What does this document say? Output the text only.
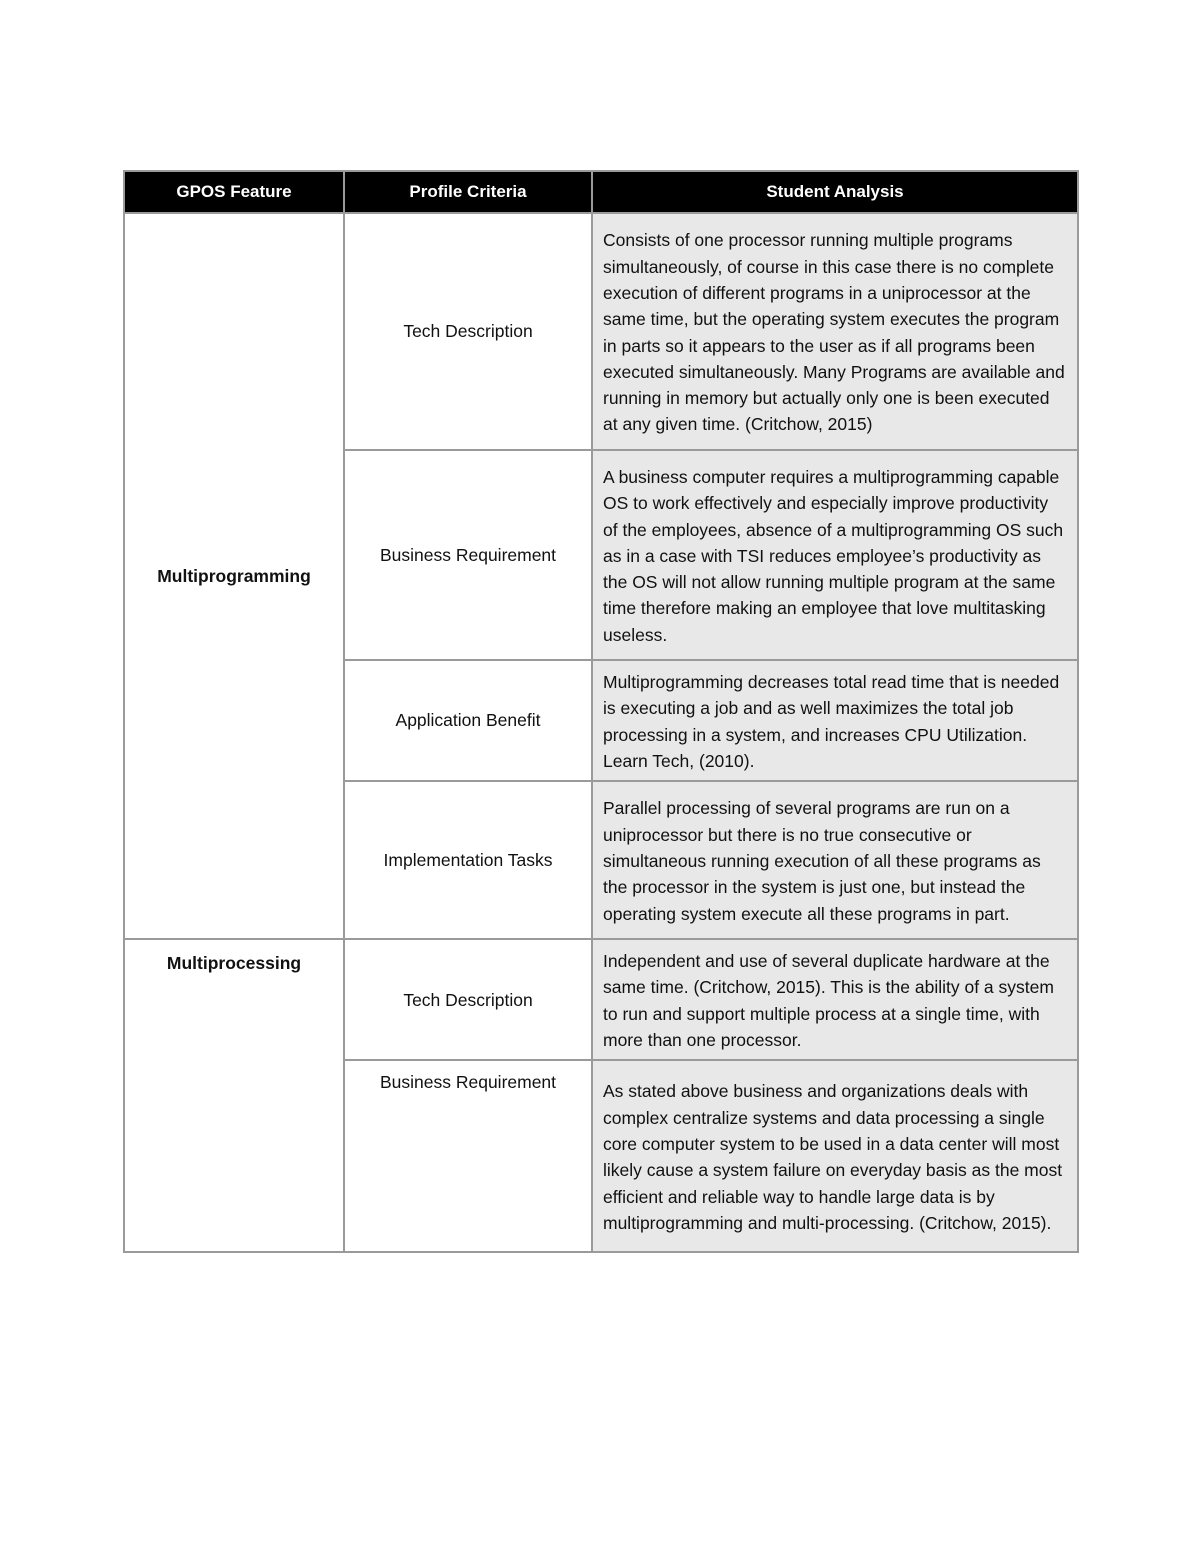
GPOS Feature	Profile Criteria	Student Analysis
Multiprogramming	Tech Description	Consists of one processor running multiple programs simultaneously, of course in this case there is no complete execution of different programs in a uniprocessor at the same time, but the operating system executes the program in parts so it appears to the user as if all programs been executed simultaneously. Many Programs are available and running in memory but actually only one is been executed at any given time. (Critchow, 2015)
	Business Requirement	A business computer requires a multiprogramming capable OS to work effectively and especially improve productivity of the employees, absence of a multiprogramming OS such as in a case with TSI reduces employee’s productivity as the OS will not allow running multiple program at the same time therefore making an employee that love multitasking useless.
	Application Benefit	Multiprogramming decreases total read time that is needed is executing a job and as well maximizes the total job processing in a system, and increases CPU Utilization. Learn Tech, (2010).
	Implementation Tasks	Parallel processing of several programs are run on a uniprocessor but there is no true consecutive or simultaneous running execution of all these programs as the processor in the system is just one, but instead the operating system execute all these programs in part.
Multiprocessing	Tech Description	Independent and use of several duplicate hardware at the same time. (Critchow, 2015). This is the ability of a system to run and support multiple process at a single time, with more than one processor.
	Business Requirement	As stated above business and organizations deals with complex centralize systems and data processing a single core computer system to be used in a data center will most likely cause a system failure on everyday basis as the most efficient and reliable way to handle large data is by multiprogramming and multi-processing. (Critchow, 2015).
